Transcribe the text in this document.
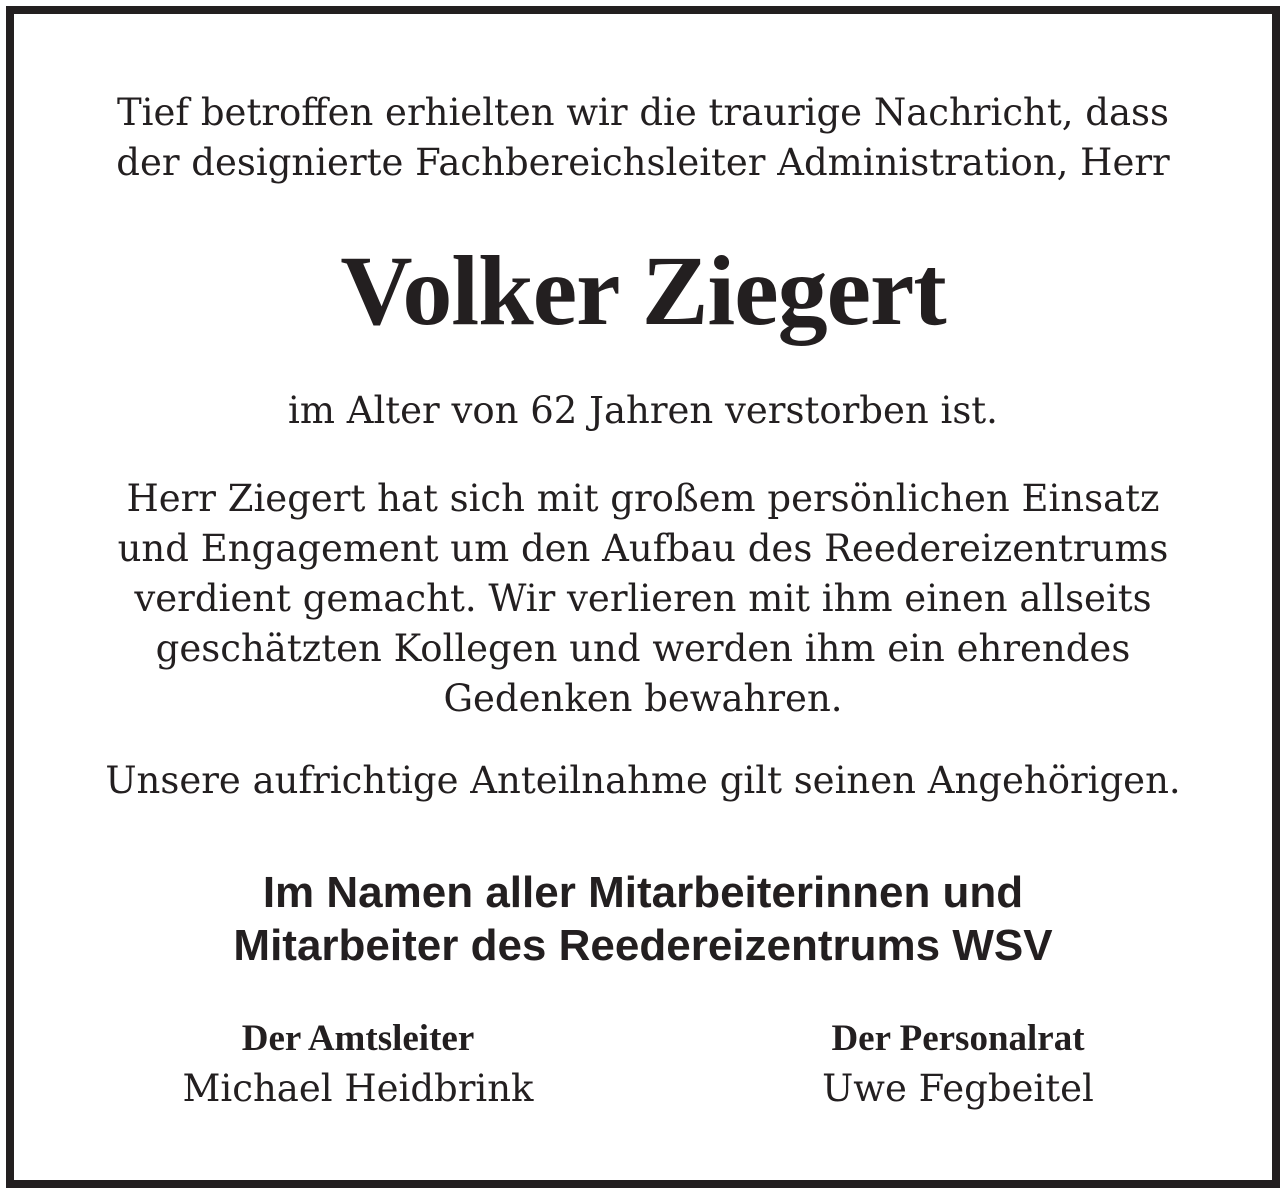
Tief betroffen erhielten wir die traurige Nachricht, dass
der designierte Fachbereichsleiter Administration, Herr
Volker Ziegert
im Alter von 62 Jahren verstorben ist.
Herr Ziegert hat sich mit großem persönlichen Einsatz
und Engagement um den Aufbau des Reedereizentrums
verdient gemacht. Wir verlieren mit ihm einen allseits
geschätzten Kollegen und werden ihm ein ehrendes
Gedenken bewahren.
Unsere aufrichtige Anteilnahme gilt seinen Angehörigen.
Im Namen aller Mitarbeiterinnen und
Mitarbeiter des Reedereizentrums WSV
Der Amtsleiter
Michael Heidbrink
Der Personalrat
Uwe Fegbeitel
